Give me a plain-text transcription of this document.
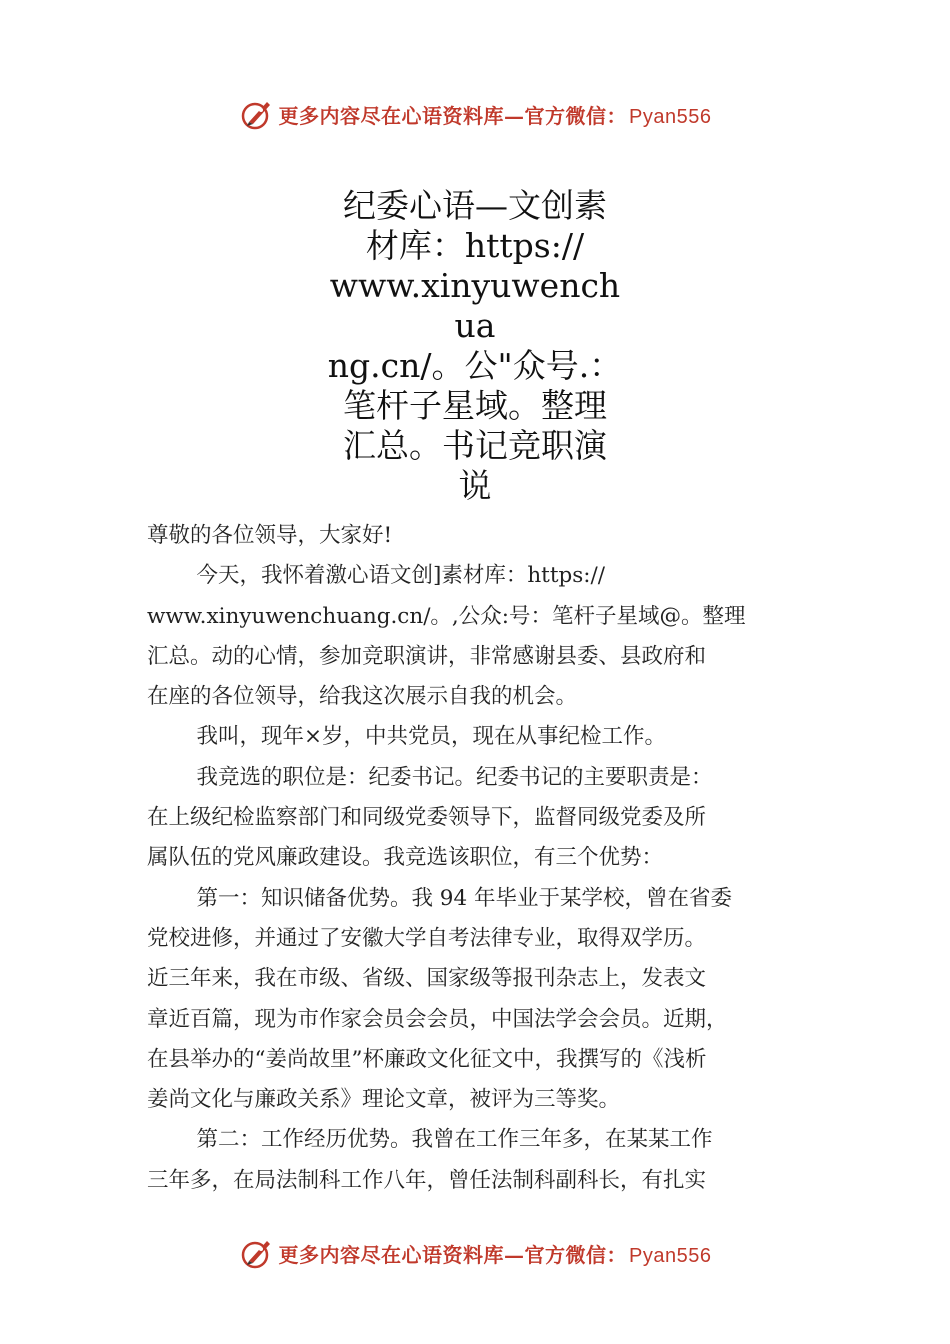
更多内容尽在心语资料库—官方微信： Pyan556
纪委心语—文创素
材库：https://
www.xinyuwenchua
ng.cn/。公"众号.：
笔杆子星域。整理
汇总。书记竞职演
说

尊敬的各位领导，大家好!

今天，我怀着激心语文创]素材库：https://
www.xinyuwenchuang.cn/。,公众:号：笔杆子星域@。整理
汇总。动的心情，参加竞职演讲，非常感谢县委、县政府和
在座的各位领导，给我这次展示自我的机会。

我叫，现年×岁，中共党员，现在从事纪检工作。

我竞选的职位是：纪委书记。纪委书记的主要职责是：
在上级纪检监察部门和同级党委领导下，监督同级党委及所
属队伍的党风廉政建设。我竞选该职位，有三个优势：

第一：知识储备优势。我 94 年毕业于某学校，曾在省委
党校进修，并通过了安徽大学自考法律专业，取得双学历。
近三年来，我在市级、省级、国家级等报刊杂志上，发表文
章近百篇，现为市作家会员会会员，中国法学会会员。近期，
在县举办的“姜尚故里”杯廉政文化征文中，我撰写的《浅析
姜尚文化与廉政关系》理论文章，被评为三等奖。

第二：工作经历优势。我曾在工作三年多，在某某工作
三年多，在局法制科工作八年，曾任法制科副科长，有扎实

更多内容尽在心语资料库—官方微信： Pyan556
